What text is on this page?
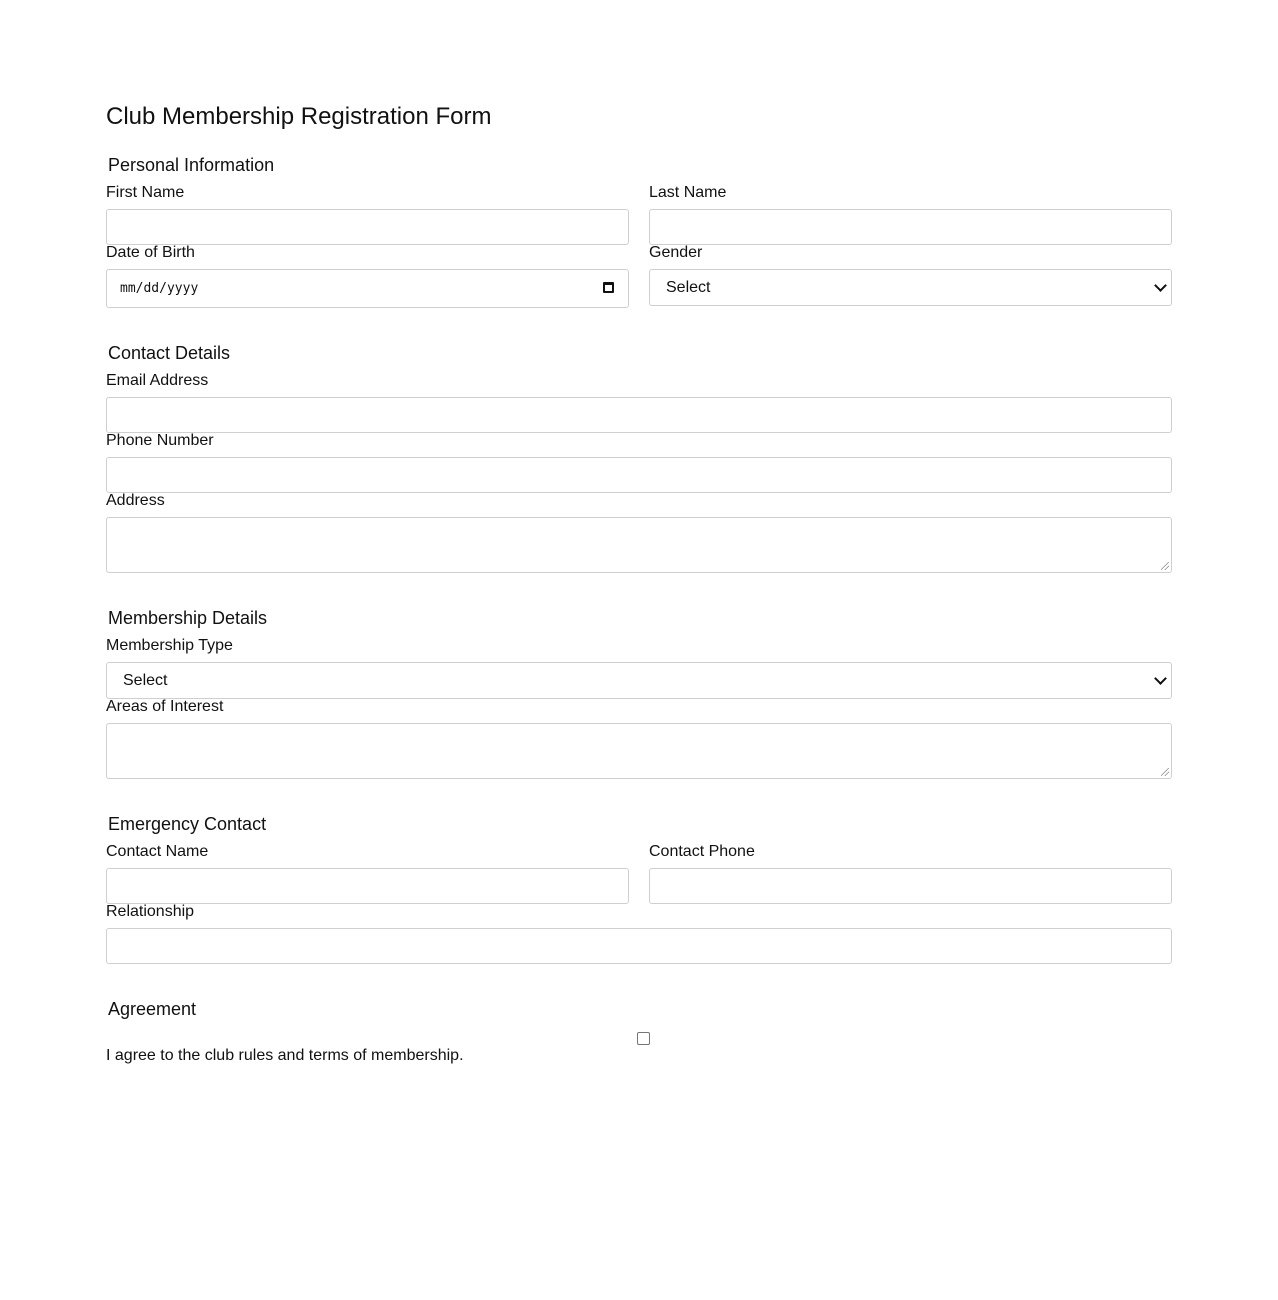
Club Membership Registration Form
Personal Information
First Name	Last Name
Date of Birth	Gender
mm/dd/yyyy	Select
Contact Details
Email Address
Phone Number
Address
Membership Details
Membership Type
Select
Areas of Interest
Emergency Contact
Contact Name	Contact Phone
Relationship
Agreement
I agree to the club rules and terms of membership.
